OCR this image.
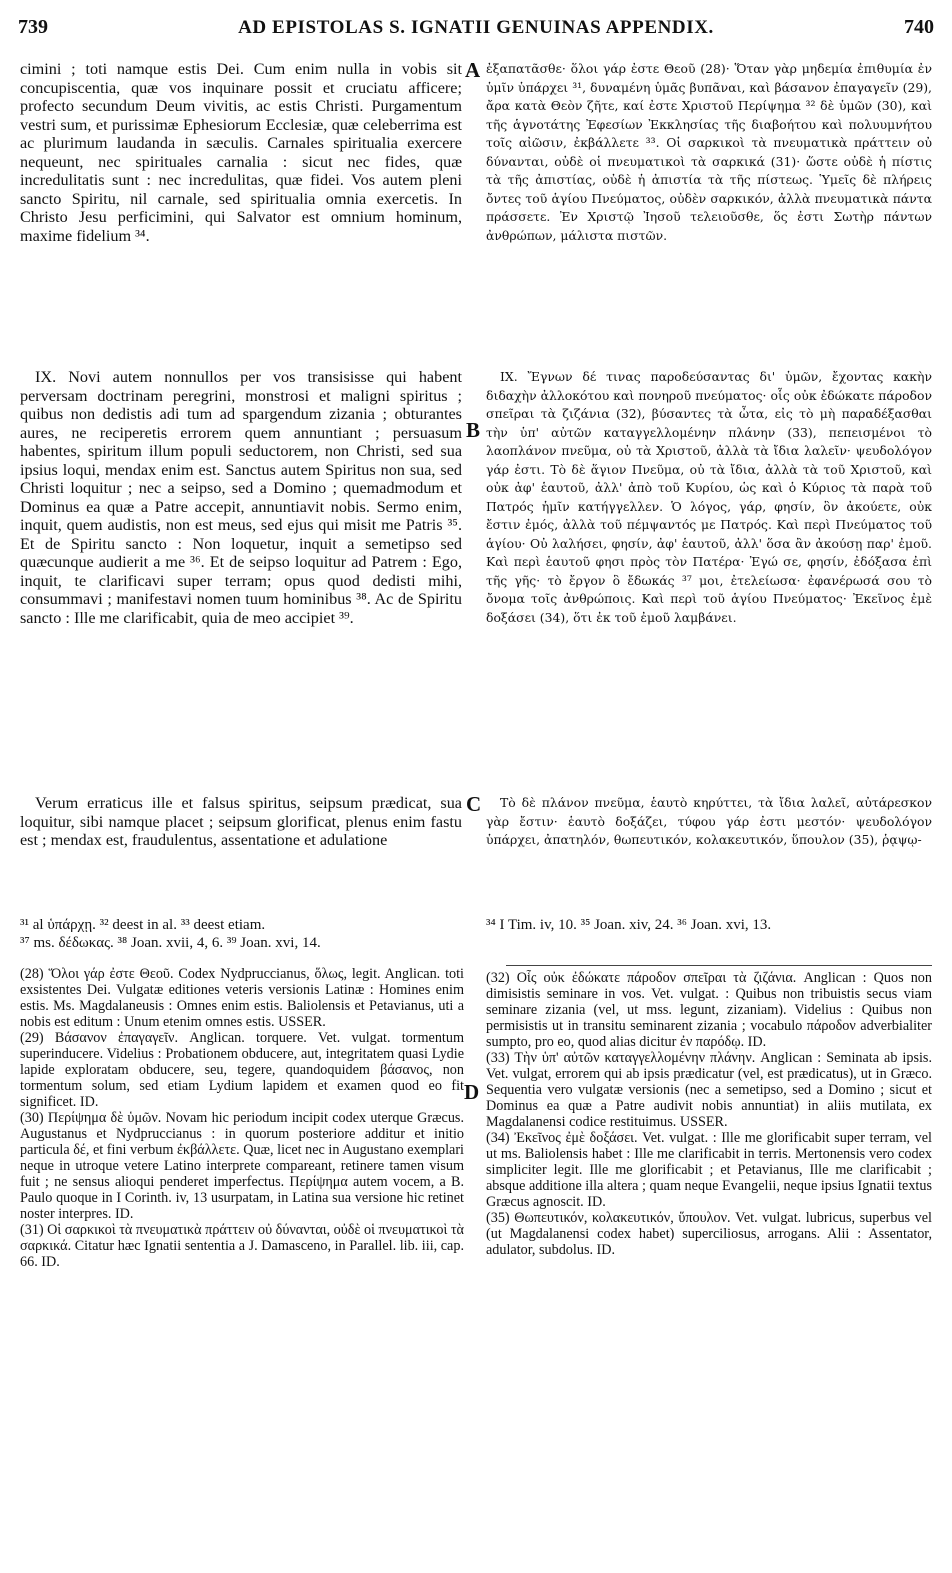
739	AD EPISTOLAS S. IGNATII GENUINAS APPENDIX.	740

cimini ; toti namque estis Dei. Cum enim nulla in vobis sit concupiscentia, quæ vos inquinare possit et cruciatu afficere; profecto secundum Deum vivitis, ac estis Christi. Purgamentum vestri sum, et purissimæ Ephesiorum Ecclesiæ, quæ celeberrima est ac plurimum laudanda in sæculis. Carnales spiritualia exercere nequeunt, nec spirituales carnalia : sicut nec fides, quæ incredulitatis sunt : nec incredulitas, quæ fidei. Vos autem pleni sancto Spiritu, nil carnale, sed spiritualia omnia exercetis. In Christo Jesu perficimini, qui Salvator est omnium hominum, maxime fidelium ³⁴.

IX. Novi autem nonnullos per vos transisisse qui habent perversam doctrinam peregrini, monstrosi et maligni spiritus ; quibus non dedistis adi tum ad spargendum zizania ; obturantes aures, ne reciperetis errorem quem annuntiant ; persuasum habentes, spiritum illum populi seductorem, non Christi, sed sua ipsius loqui, mendax enim est. Sanctus autem Spiritus non sua, sed Christi loquitur ; nec a seipso, sed a Domino ; quemadmodum et Dominus ea quæ a Patre accepit, annuntiavit nobis. Sermo enim, inquit, quem audistis, non est meus, sed ejus qui misit me Patris ³⁵. Et de Spiritu sancto : Non loquetur, inquit a semetipso sed quæcunque audierit a me ³⁶. Et de seipso loquitur ad Patrem : Ego, inquit, te clarificavi super terram; opus quod dedisti mihi, consummavi ; manifestavi nomen tuum hominibus ³⁸. Ac de Spiritu sancto : Ille me clarificabit, quia de meo accipiet ³⁹.

Verum erraticus ille et falsus spiritus, seipsum prædicat, sua loquitur, sibi namque placet ; seipsum glorificat, plenus enim fastu est ; mendax est, fraudulentus, assentatione et adulatione

A
B
C
D

ἐξαπατᾶσθε· ὅλοι γάρ ἐστε Θεοῦ (28)· Ὅταν γὰρ μηδεμία ἐπιθυμία ἐν ὑμῖν ὑπάρχει ³¹, δυναμένη ὑμᾶς βυπᾶναι, καὶ βάσανον ἐπαγαγεῖν (29), ἄρα κατὰ Θεὸν ζῆτε, καί ἐστε Χριστοῦ Περίψημα ³² δὲ ὑμῶν (30), καὶ τῆς ἁγνοτάτης Ἐφεσίων Ἐκκλησίας τῆς διαβοήτου καὶ πολυυμνήτου τοῖς αἰῶσιν, ἐκβάλλετε ³³. Οἱ σαρκικοὶ τὰ πνευματικὰ πράττειν οὐ δύνανται, οὐδὲ οἱ πνευματικοὶ τὰ σαρκικά (31)· ὥστε οὐδὲ ἡ πίστις τὰ τῆς ἀπιστίας, οὐδὲ ἡ ἀπιστία τὰ τῆς πίστεως. Ὑμεῖς δὲ πλήρεις ὄντες τοῦ ἁγίου Πνεύματος, οὐδὲν σαρκικόν, ἀλλὰ πνευματικὰ πάντα πράσσετε. Ἐν Χριστῷ Ἰησοῦ τελειοῦσθε, ὅς ἐστι Σωτὴρ πάντων ἀνθρώπων, μάλιστα πιστῶν.

IX. Ἔγνων δέ τινας παροδεύσαντας δι' ὑμῶν, ἔχοντας κακὴν διδαχὴν ἀλλοκότου καὶ πονηροῦ πνεύματος· οἷς οὐκ ἐδώκατε πάροδον σπεῖραι τὰ ζιζάνια (32), βύσαντες τὰ ὦτα, εἰς τὸ μὴ παραδέξασθαι τὴν ὑπ' αὐτῶν καταγγελλομένην πλάνην (33), πεπεισμένοι τὸ λαοπλάνον πνεῦμα, οὐ τὰ Χριστοῦ, ἀλλὰ τὰ ἴδια λαλεῖν· ψευδολόγον γάρ ἐστι. Τὸ δὲ ἅγιον Πνεῦμα, οὐ τὰ ἴδια, ἀλλὰ τὰ τοῦ Χριστοῦ, καὶ οὐκ ἀφ' ἑαυτοῦ, ἀλλ' ἀπὸ τοῦ Κυρίου, ὡς καὶ ὁ Κύριος τὰ παρὰ τοῦ Πατρός ἡμῖν κατήγγελλεν. Ὁ λόγος, γάρ, φησίν, ὃν ἀκούετε, οὐκ ἔστιν ἐμός, ἀλλὰ τοῦ πέμψαντός με Πατρός. Καὶ περὶ Πνεύματος τοῦ ἁγίου· Οὐ λαλήσει, φησίν, ἀφ' ἑαυτοῦ, ἀλλ' ὅσα ἂν ἀκούσῃ παρ' ἐμοῦ. Καὶ περὶ ἑαυτοῦ φησι πρὸς τὸν Πατέρα· Ἐγώ σε, φησίν, ἐδόξασα ἐπὶ τῆς γῆς· τὸ ἔργον ὃ ἔδωκάς ³⁷ μοι, ἐτελείωσα· ἐφανέρωσά σου τὸ ὄνομα τοῖς ἀνθρώποις. Καὶ περὶ τοῦ ἁγίου Πνεύματος· Ἐκεῖνος ἐμὲ δοξάσει (34), ὅτι ἐκ τοῦ ἐμοῦ λαμβάνει.

Τὸ δὲ πλάνον πνεῦμα, ἑαυτὸ κηρύττει, τὰ ἴδια λαλεῖ, αὐτάρεσκον γὰρ ἔστιν· ἑαυτὸ δοξάζει, τύφου γάρ ἐστι μεστόν· ψευδολόγον ὑπάρχει, ἀπατηλόν, θωπευτικόν, κολακευτικόν, ὕπουλον (35), ῥᾳψῳ-

³¹ al ὑπάρχῃ. ³² deest in al. ³³ deest etiam.

³⁷ ms. δέδωκας. ³⁸ Joan. xvii, 4, 6. ³⁹ Joan. xvi, 14.

³⁴ I Tim. iv, 10. ³⁵ Joan. xiv, 24. ³⁶ Joan. xvi, 13.

(28) Ὅλοι γάρ ἐστε Θεοῦ. Codex Nydpruccianus, ὅλως, legit. Anglican. toti exsistentes Dei. Vulgatæ editiones veteris versionis Latinæ : Homines enim estis. Ms. Magdalaneusis : Omnes enim estis. Baliolensis et Petavianus, uti a nobis est editum : Unum etenim omnes estis. USSER.

(29) Βάσανον ἐπαγαγεῖν. Anglican. torquere. Vet. vulgat. tormentum superinducere. Videlius : Probationem obducere, aut, integritatem quasi Lydie lapide exploratam obducere, seu, tegere, quandoquidem βάσανος, non tormentum solum, sed etiam Lydium lapidem et examen quod eo fit significet. ID.

(30) Περίψημα δὲ ὑμῶν. Novam hic periodum incipit codex uterque Græcus. Augustanus et Nydpruccianus : in quorum posteriore additur et initio particula δέ, et fini verbum ἐκβάλλετε. Quæ, licet nec in Augustano exemplari neque in utroque vetere Latino interprete compareant, retinere tamen visum fuit ; ne sensus alioqui penderet imperfectus. Περίψημα autem vocem, a B. Paulo quoque in I Corinth. iv, 13 usurpatam, in Latina sua versione hic retinet noster interpres. ID.

(31) Οἱ σαρκικοὶ τὰ πνευματικὰ πράττειν οὐ δύνανται, οὐδὲ οἱ πνευματικοὶ τὰ σαρκικά. Citatur hæc Ignatii sententia a J. Damasceno, in Parallel. lib. iii, cap. 66. ID.

(32) Οἷς οὐκ ἐδώκατε πάροδον σπεῖραι τὰ ζιζάνια. Anglican : Quos non dimisistis seminare in vos. Vet. vulgat. : Quibus non tribuistis secus viam seminare zizania (vel, ut mss. legunt, zizaniam). Videlius : Quibus non permisistis ut in transitu seminarent zizania ; vocabulo πάροδον adverbialiter sumpto, pro eo, quod alias dicitur ἐν παρόδῳ. ID.

(33) Τὴν ὑπ' αὐτῶν καταγγελλομένην πλάνην. Anglican : Seminata ab ipsis. Vet. vulgat, errorem qui ab ipsis prædicatur (vel, est prædicatus), ut in Græco. Sequentia vero vulgatæ versionis (nec a semetipso, sed a Domino ; sicut et Dominus ea quæ a Patre audivit nobis annuntiat) in aliis mutilata, ex Magdalanensi codice restituimus. USSER.

(34) Ἐκεῖνος ἐμὲ δοξάσει. Vet. vulgat. : Ille me glorificabit super terram, vel ut ms. Baliolensis habet : Ille me clarificabit in terris. Mertonensis vero codex simpliciter legit. Ille me glorificabit ; et Petavianus, Ille me clarificabit ; absque additione illa altera ; quam neque Evangelii, neque ipsius Ignatii textus Græcus agnoscit. ID.

(35) Θωπευτικόν, κολακευτικόν, ὕπουλον. Vet. vulgat. lubricus, superbus vel (ut Magdalanensi codex habet) superciliosus, arrogans. Alii : Assentator, adulator, subdolus. ID.
